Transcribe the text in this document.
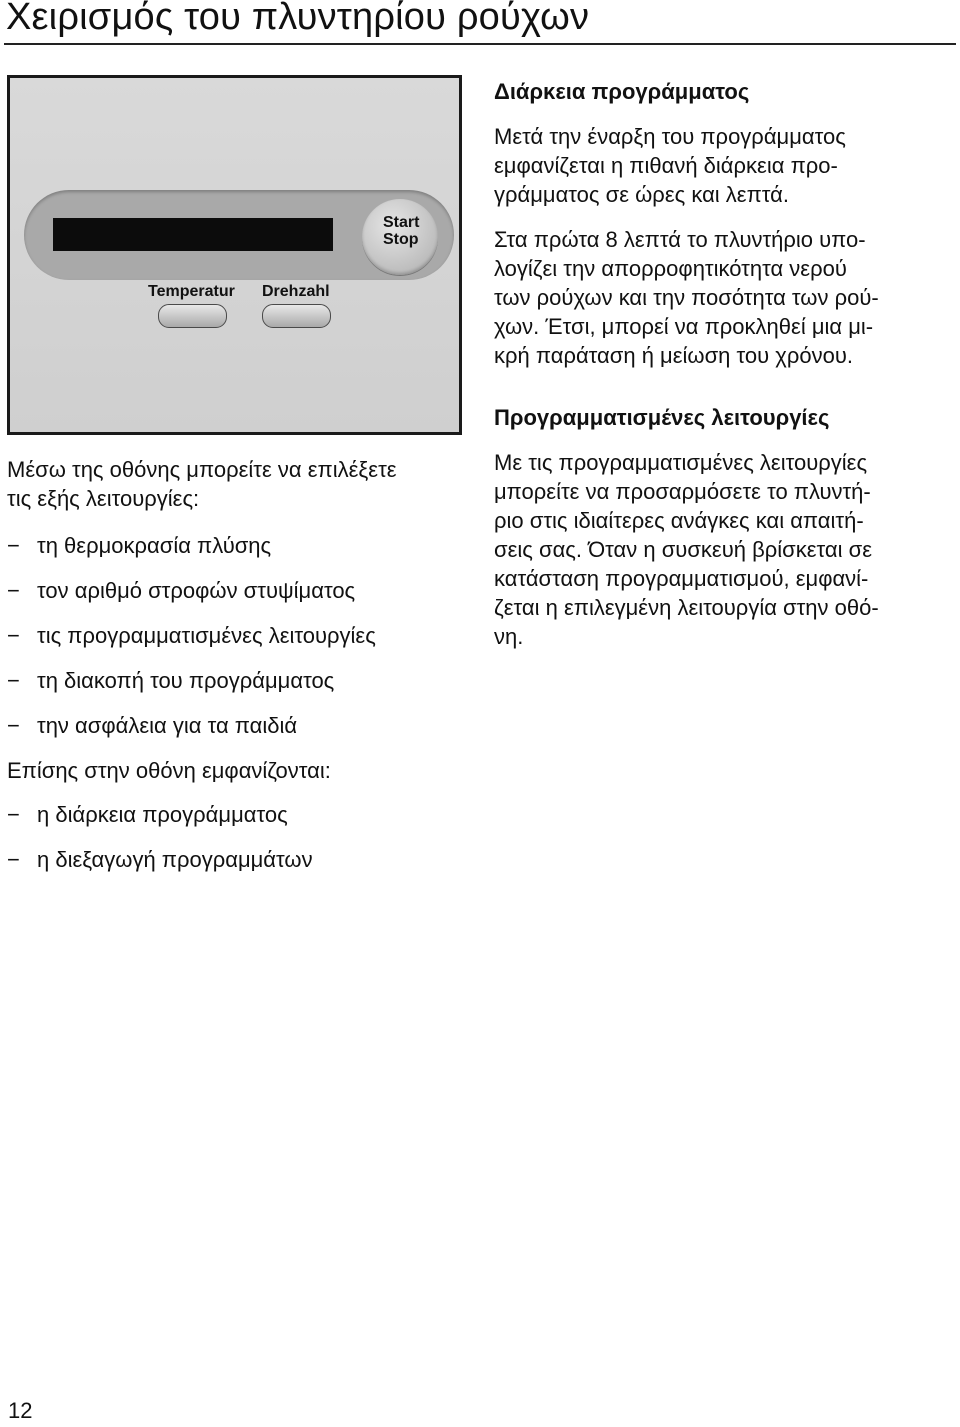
Χειρισμός του πλυντηρίου ρούχων
Start
Stop
Temperatur Drehzahl
Διάρκεια προγράμματος

Μετά την έναρξη του προγράμματος
εμφανίζεται η πιθανή διάρκεια προ-
γράμματος σε ώρες και λεπτά.

Στα πρώτα 8 λεπτά το πλυντήριο υπο-
λογίζει την απορροφητικότητα νερού
των ρούχων και την ποσότητα των ρού-
χων. Έτσι, μπορεί να προκληθεί μια μι-
κρή παράταση ή μείωση του χρόνου.

Προγραμματισμένες λειτουργίες

Με τις προγραμματισμένες λειτουργίες
μπορείτε να προσαρμόσετε το πλυντή-
ριο στις ιδιαίτερες ανάγκες και απαιτή-
σεις σας. Όταν η συσκευή βρίσκεται σε
κατάσταση προγραμματισμού, εμφανί-
ζεται η επιλεγμένη λειτουργία στην οθό-
νη.

Μέσω της οθόνης μπορείτε να επιλέξετε
τις εξής λειτουργίες:

− τη θερμοκρασία πλύσης
− τον αριθμό στροφών στυψίματος
− τις προγραμματισμένες λειτουργίες
− τη διακοπή του προγράμματος
− την ασφάλεια για τα παιδιά
Επίσης στην οθόνη εμφανίζονται:
− η διάρκεια προγράμματος
− η διεξαγωγή προγραμμάτων
12
